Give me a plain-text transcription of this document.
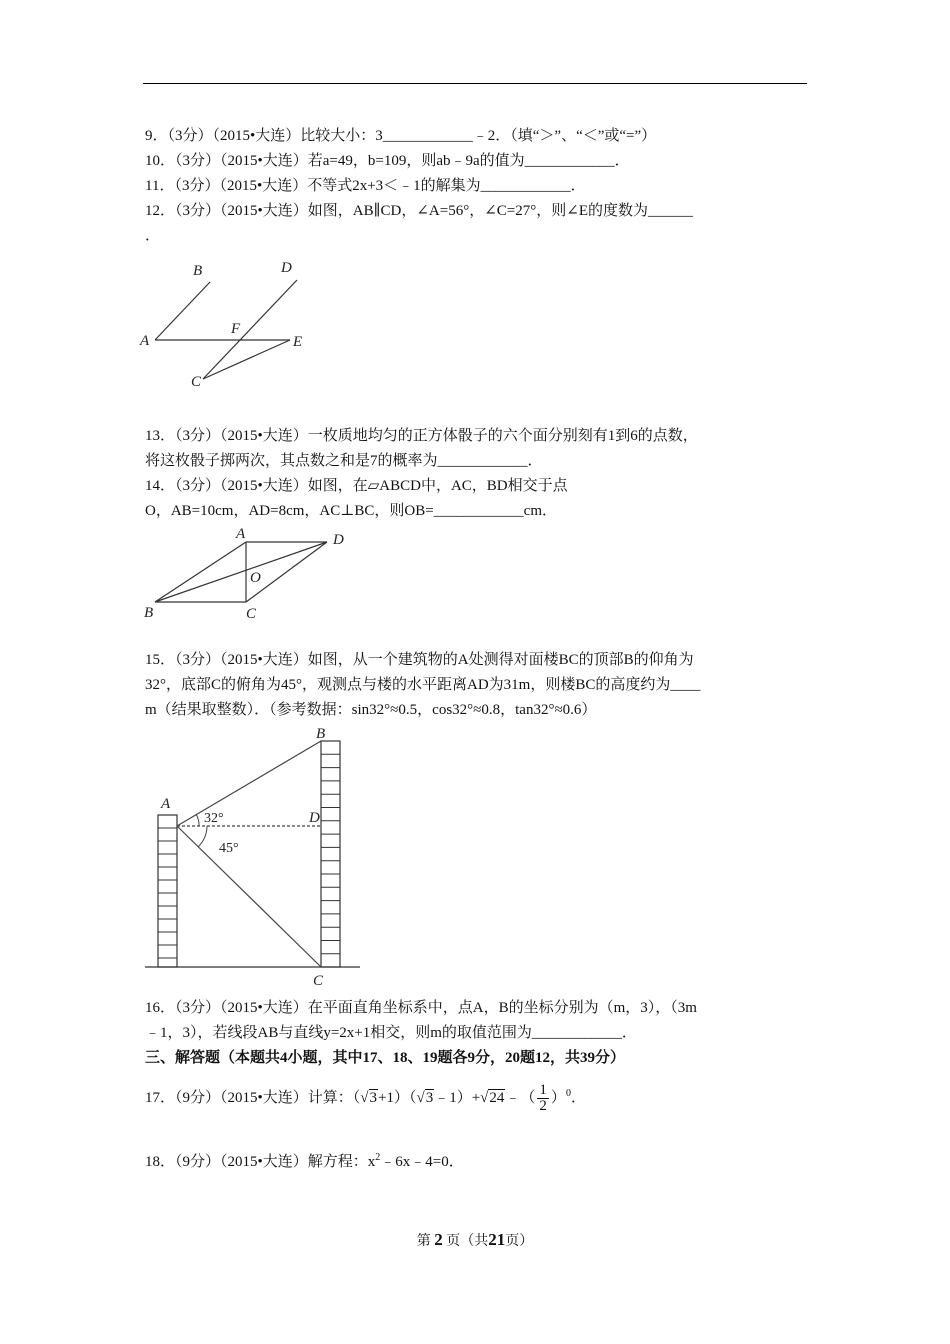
9．（3分）（2015•大连）比较大小：3____________﹣2．（填“＞”、“＜”或“=”）
10．（3分）（2015•大连）若a=49，b=109，则ab﹣9a的值为____________．
11．（3分）（2015•大连）不等式2x+3＜﹣1的解集为____________．
12．（3分）（2015•大连）如图，AB∥CD，∠A=56°，∠C=27°，则∠E的度数为______
．
A
B
C
D
E
F
13．（3分）（2015•大连）一枚质地均匀的正方体骰子的六个面分别刻有1到6的点数，
将这枚骰子掷两次，其点数之和是7的概率为____________．
14．（3分）（2015•大连）如图，在▱ABCD中，AC，BD相交于点
O，AB=10cm，AD=8cm，AC⊥BC，则OB=____________cm．
A
B	C
D
O
15．（3分）（2015•大连）如图，从一个建筑物的A处测得对面楼BC的顶部B的仰角为
32°，底部C的俯角为45°，观测点与楼的水平距离AD为31m，则楼BC的高度约为____
m（结果取整数）．（参考数据：sin32°≈0.5，cos32°≈0.8，tan32°≈0.6）
A
B
C
D
32°
45°
16．（3分）（2015•大连）在平面直角坐标系中，点A，B的坐标分别为（m，3），（3m
﹣1，3），若线段AB与直线y=2x+1相交，则m的取值范围为____________．
三、解答题（本题共4小题，其中17、18、19题各9分，20题12，共39分）
17．（9分）（2015•大连）计算：（√3+1）（√3﹣1）+√24﹣（ $\frac{1}{2} )^0$．
18．（9分）（2015•大连）解方程：$x^2﹣6x﹣4=0$．
第 2 页（共21页）
